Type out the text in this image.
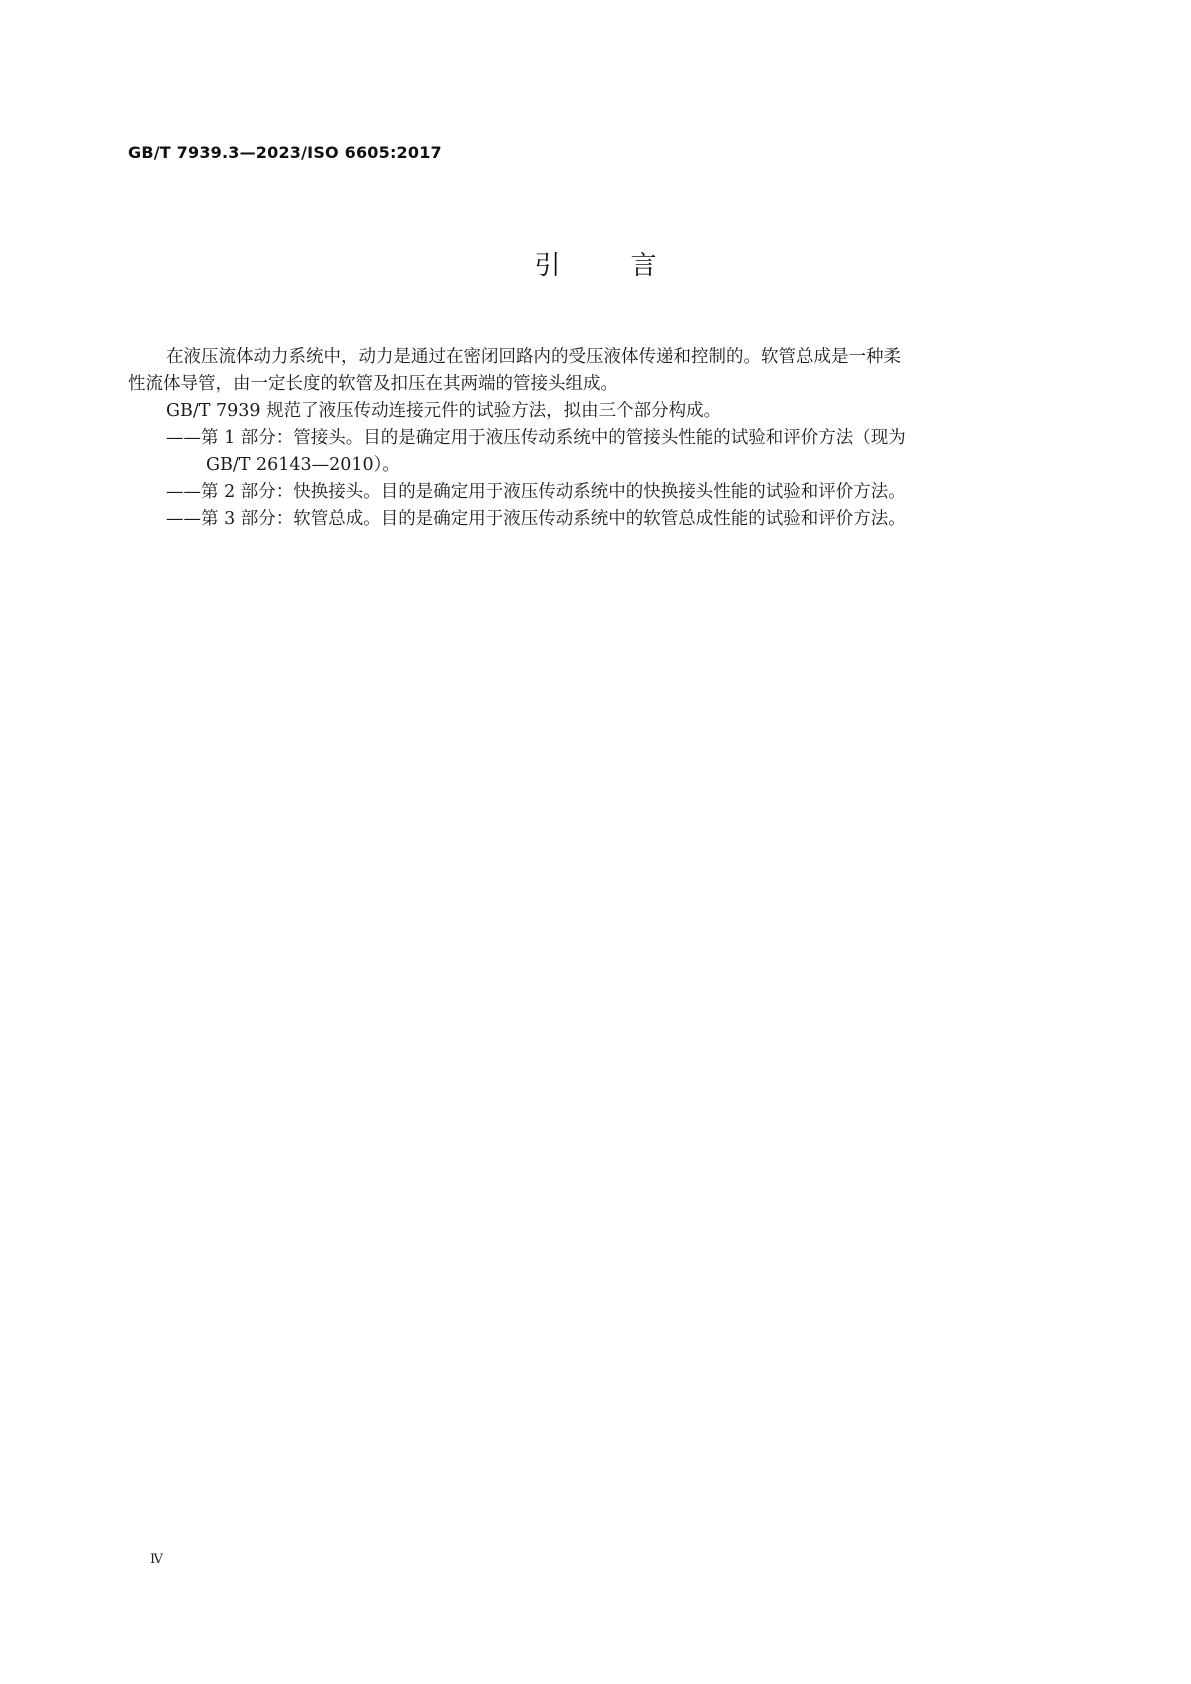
GB/T 7939.3—2023/ISO 6605:2017
引	言
在液压流体动力系统中，动力是通过在密闭回路内的受压液体传递和控制的。软管总成是一种柔
性流体导管，由一定长度的软管及扣压在其两端的管接头组成。
GB/T 7939 规范了液压传动连接元件的试验方法，拟由三个部分构成。
——第 1 部分：管接头。目的是确定用于液压传动系统中的管接头性能的试验和评价方法（现为
GB/T 26143—2010）。
——第 2 部分：快换接头。目的是确定用于液压传动系统中的快换接头性能的试验和评价方法。
——第 3 部分：软管总成。目的是确定用于液压传动系统中的软管总成性能的试验和评价方法。
Ⅳ
